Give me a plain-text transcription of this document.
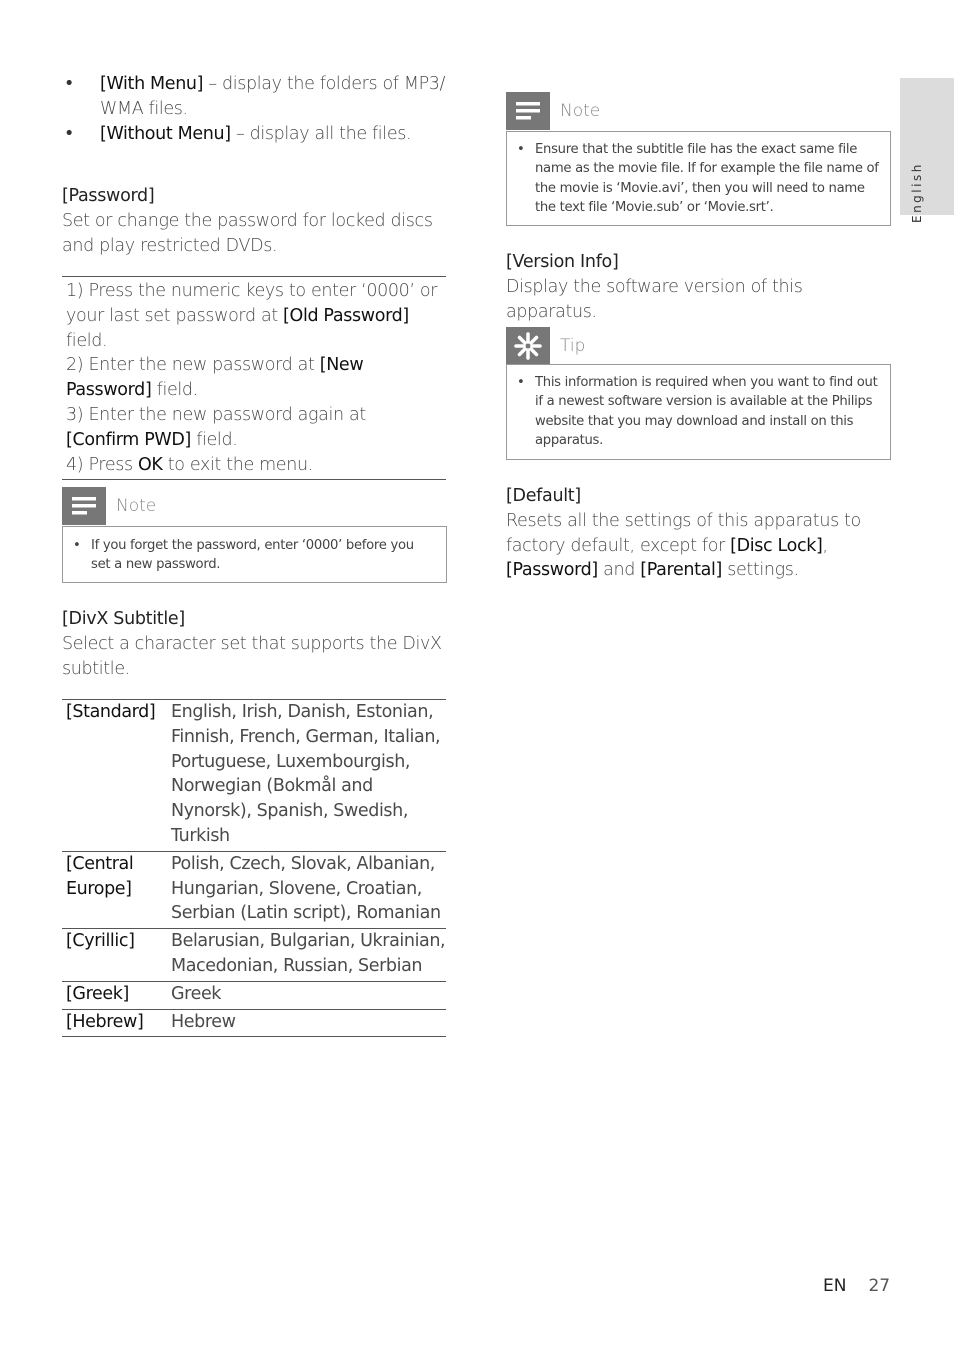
• [With Menu] – display the folders of MP3/ WMA files.
• [Without Menu] – display all the files.
[Password]
Set or change the password for locked discs and play restricted DVDs.
1) Press the numeric keys to enter ‘0000’ or your last set password at [Old Password] field.
2) Enter the new password at [New Password] field.
3) Enter the new password again at [Confirm PWD] field.
4) Press OK to exit the menu.
Note
• If you forget the password, enter ‘0000’ before you set a new password.
[DivX Subtitle]
Select a character set that supports the DivX subtitle.
[Standard]	English, Irish, Danish, Estonian, Finnish, French, German, Italian, Portuguese, Luxembourgish, Norwegian (Bokmål and Nynorsk), Spanish, Swedish, Turkish
[Central Europe]	Polish, Czech, Slovak, Albanian, Hungarian, Slovene, Croatian, Serbian (Latin script), Romanian
[Cyrillic]	Belarusian, Bulgarian, Ukrainian, Macedonian, Russian, Serbian
[Greek]	Greek
[Hebrew]	Hebrew
Note
• Ensure that the subtitle file has the exact same file name as the movie file. If for example the file name of the movie is ‘Movie.avi’, then you will need to name the text file ‘Movie.sub’ or ‘Movie.srt’.
[Version Info]
Display the software version of this apparatus.
Tip
• This information is required when you want to find out if a newest software version is available at the Philips website that you may download and install on this apparatus.
[Default]
Resets all the settings of this apparatus to factory default, except for [Disc Lock], [Password] and [Parental] settings.
English
EN 27
